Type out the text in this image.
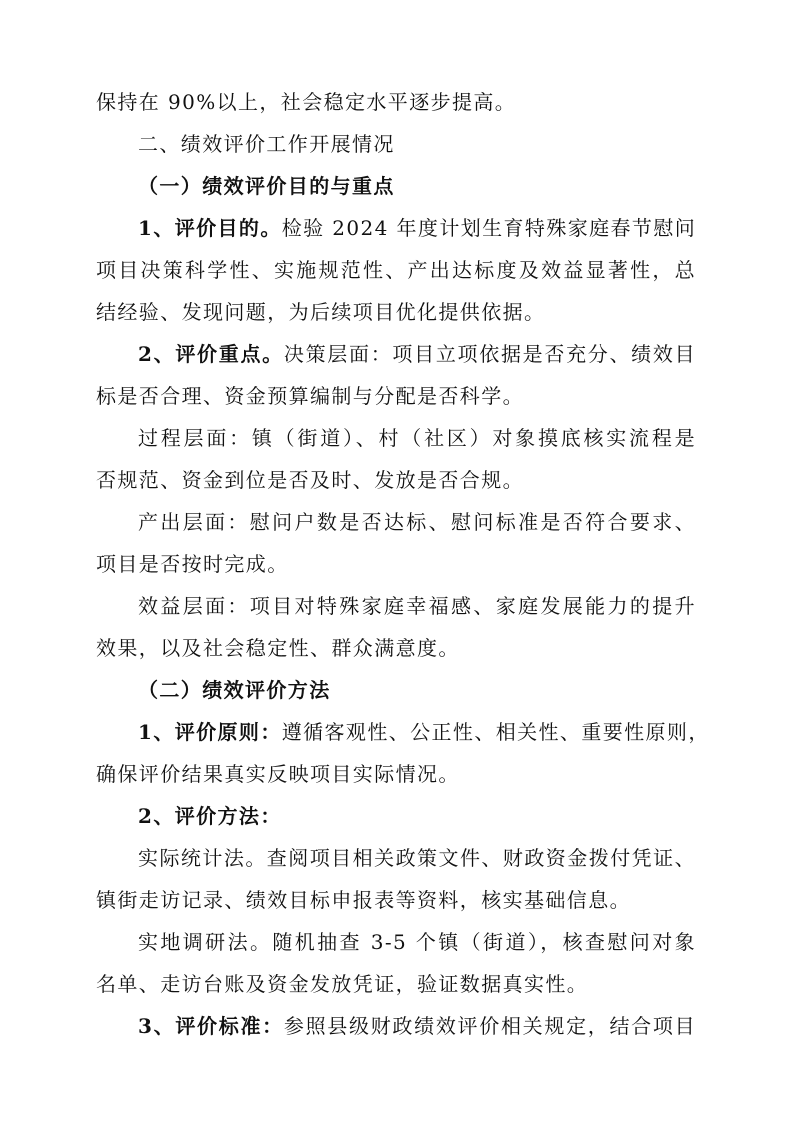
保持在 90%以上，社会稳定水平逐步提高。
二、绩效评价工作开展情况
（一）绩效评价目的与重点
1、评价目的。检验 2024 年度计划生育特殊家庭春节慰问
项目决策科学性、实施规范性、产出达标度及效益显著性，总
结经验、发现问题，为后续项目优化提供依据。
2、评价重点。决策层面：项目立项依据是否充分、绩效目
标是否合理、资金预算编制与分配是否科学。
过程层面：镇（街道）、村（社区）对象摸底核实流程是
否规范、资金到位是否及时、发放是否合规。
产出层面：慰问户数是否达标、慰问标准是否符合要求、
项目是否按时完成。
效益层面：项目对特殊家庭幸福感、家庭发展能力的提升
效果，以及社会稳定性、群众满意度。
（二）绩效评价方法
1、评价原则：遵循客观性、公正性、相关性、重要性原则，
确保评价结果真实反映项目实际情况。
2、评价方法：
实际统计法。查阅项目相关政策文件、财政资金拨付凭证、
镇街走访记录、绩效目标申报表等资料，核实基础信息。
实地调研法。随机抽查 3-5 个镇（街道），核查慰问对象
名单、走访台账及资金发放凭证，验证数据真实性。
3、评价标准：参照县级财政绩效评价相关规定，结合项目
